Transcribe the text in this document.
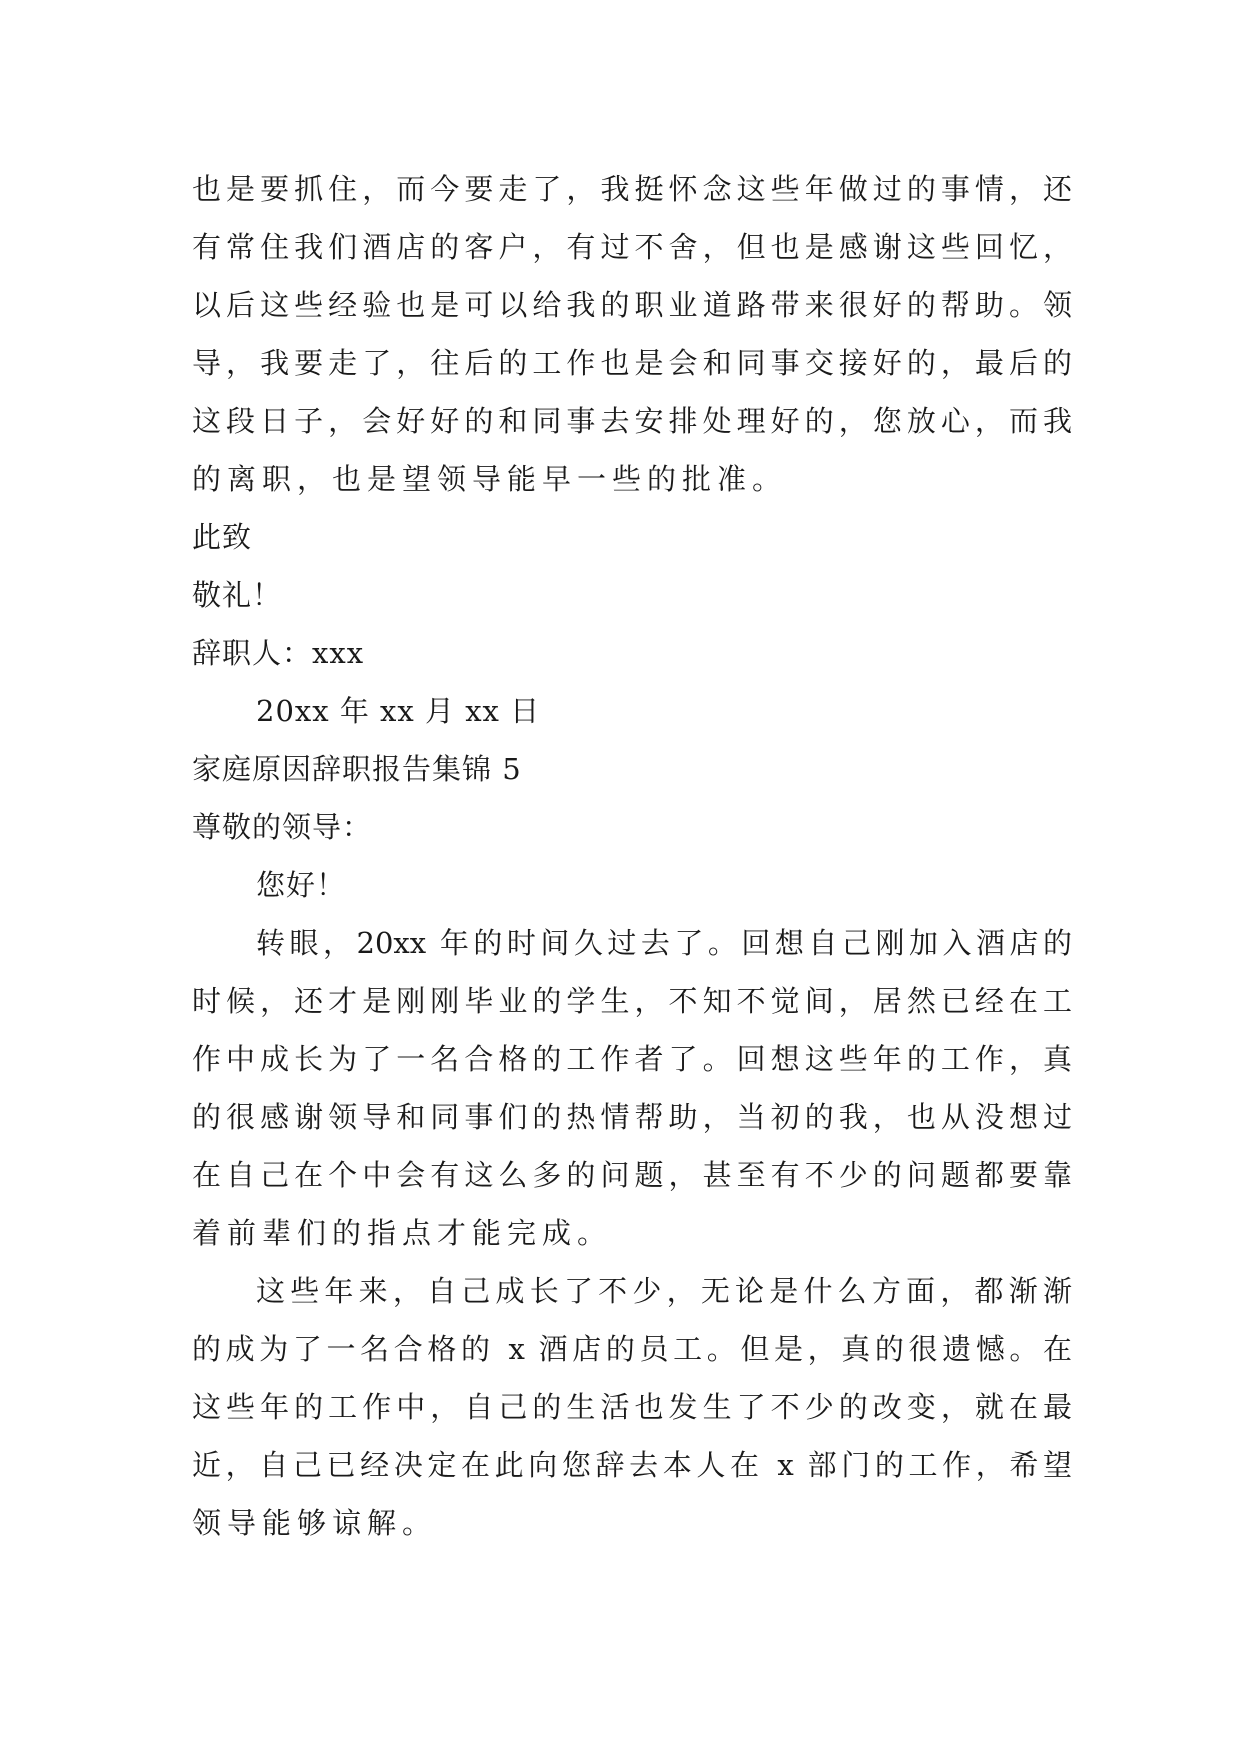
也是要抓住，而今要走了，我挺怀念这些年做过的事情，还

有常住我们酒店的客户，有过不舍，但也是感谢这些回忆，

以后这些经验也是可以给我的职业道路带来很好的帮助。领

导，我要走了，往后的工作也是会和同事交接好的，最后的

这段日子，会好好的和同事去安排处理好的，您放心，而我

的离职，也是望领导能早一些的批准。

此致

敬礼！

辞职人：xxx

20xx 年 xx 月 xx 日

家庭原因辞职报告集锦 5

尊敬的领导：

您好！

转眼，20xx 年的时间久过去了。回想自己刚加入酒店的

时候，还才是刚刚毕业的学生，不知不觉间，居然已经在工

作中成长为了一名合格的工作者了。回想这些年的工作，真

的很感谢领导和同事们的热情帮助，当初的我，也从没想过

在自己在个中会有这么多的问题，甚至有不少的问题都要靠

着前辈们的指点才能完成。

这些年来，自己成长了不少，无论是什么方面，都渐渐

的成为了一名合格的 x 酒店的员工。但是，真的很遗憾。在

这些年的工作中，自己的生活也发生了不少的改变，就在最

近，自己已经决定在此向您辞去本人在 x 部门的工作，希望

领导能够谅解。
